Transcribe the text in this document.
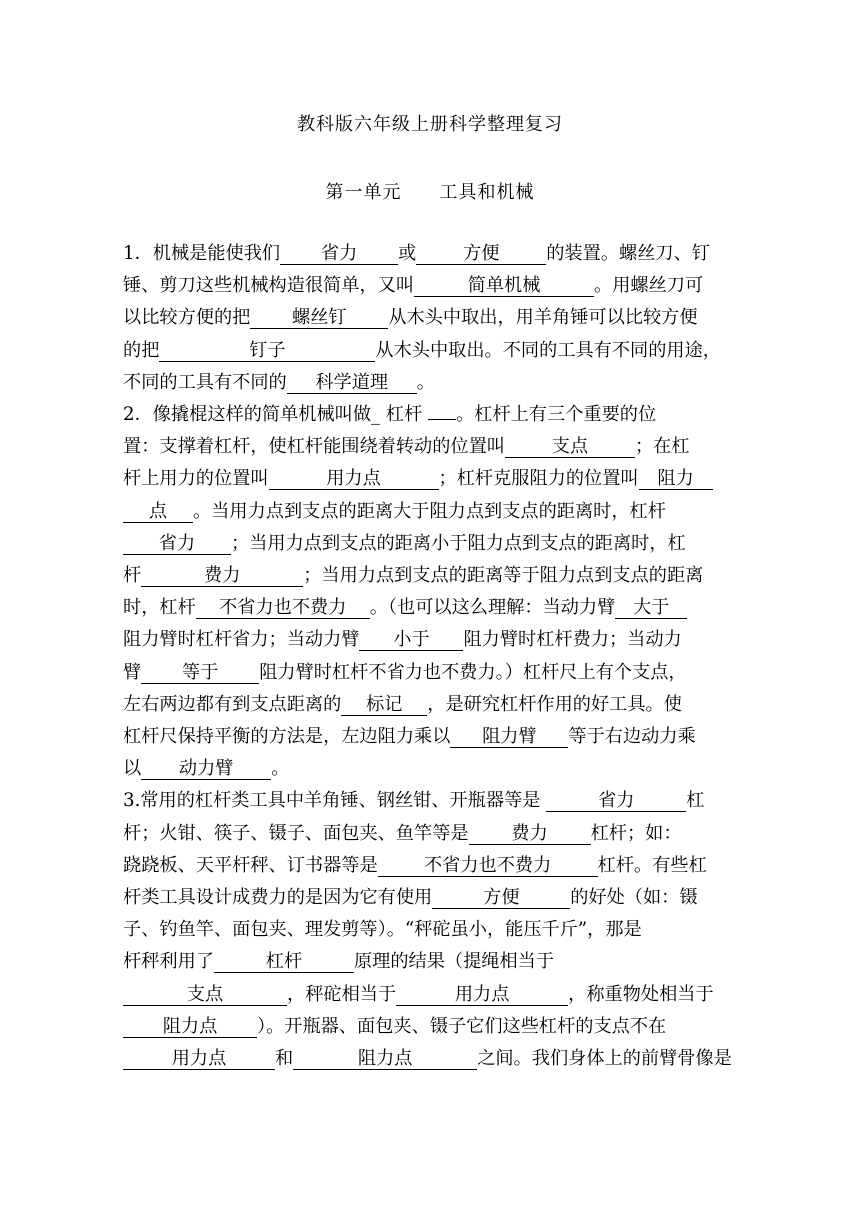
教科版六年级上册科学整理复习
第一单元　　工具和机械
1．机械是能使我们 省力 或	方便	的装置。螺丝刀、钉
锤、剪刀这些机械构造很简单，又叫	简单机械	。用螺丝刀可
以比较方便的把 螺丝钉 从木头中取出，用羊角锤可以比较方便
的把	钉子	从木头中取出。不同的工具有不同的用途，
不同的工具有不同的 科学道理 。
2．像撬棍这样的简单机械叫做_ 杠杆 。杠杆上有三个重要的位
置：支撑着杠杆，使杠杆能围绕着转动的位置叫	支点	；在杠
杆上用力的位置叫	用力点	；杠杆克服阻力的位置叫 阻力
点 。当用力点到支点的距离大于阻力点到支点的距离时，杠杆
省力 ；当用力点到支点的距离小于阻力点到支点的距离时，杠
杆	费力	；当用力点到支点的距离等于阻力点到支点的距离
时，杠杆 不省力也不费力 。（也可以这么理解：当动力臂 大于
阻力臂时杠杆省力；当动力臂 小于 阻力臂时杠杆费力；当动力
臂 等于 阻力臂时杠杆不省力也不费力。）杠杆尺上有个支点，
左右两边都有到支点距离的 标记 ，是研究杠杆作用的好工具。使
杠杆尺保持平衡的方法是，左边阻力乘以 阻力臂 等于右边动力乘
以 动力臂 。
3.常用的杠杆类工具中羊角锤、钢丝钳、开瓶器等是	省力	杠
杆；火钳、筷子、镊子、面包夹、鱼竿等是 费力 杠杆；如：
跷跷板、天平杆秤、订书器等是	不省力也不费力	杠杆。有些杠
杆类工具设计成费力的是因为它有使用	方便	的好处（如：镊
子、钓鱼竿、面包夹、理发剪等）。“秤砣虽小，能压千斤”，那是
杆秤利用了	杠杆	原理的结果（提绳相当于
支点	，秤砣相当于	用力点	，称重物处相当于
阻力点 ）。开瓶器、面包夹、镊子它们这些杠杆的支点不在
用力点	和	阻力点	之间。我们身体上的前臂骨像是
